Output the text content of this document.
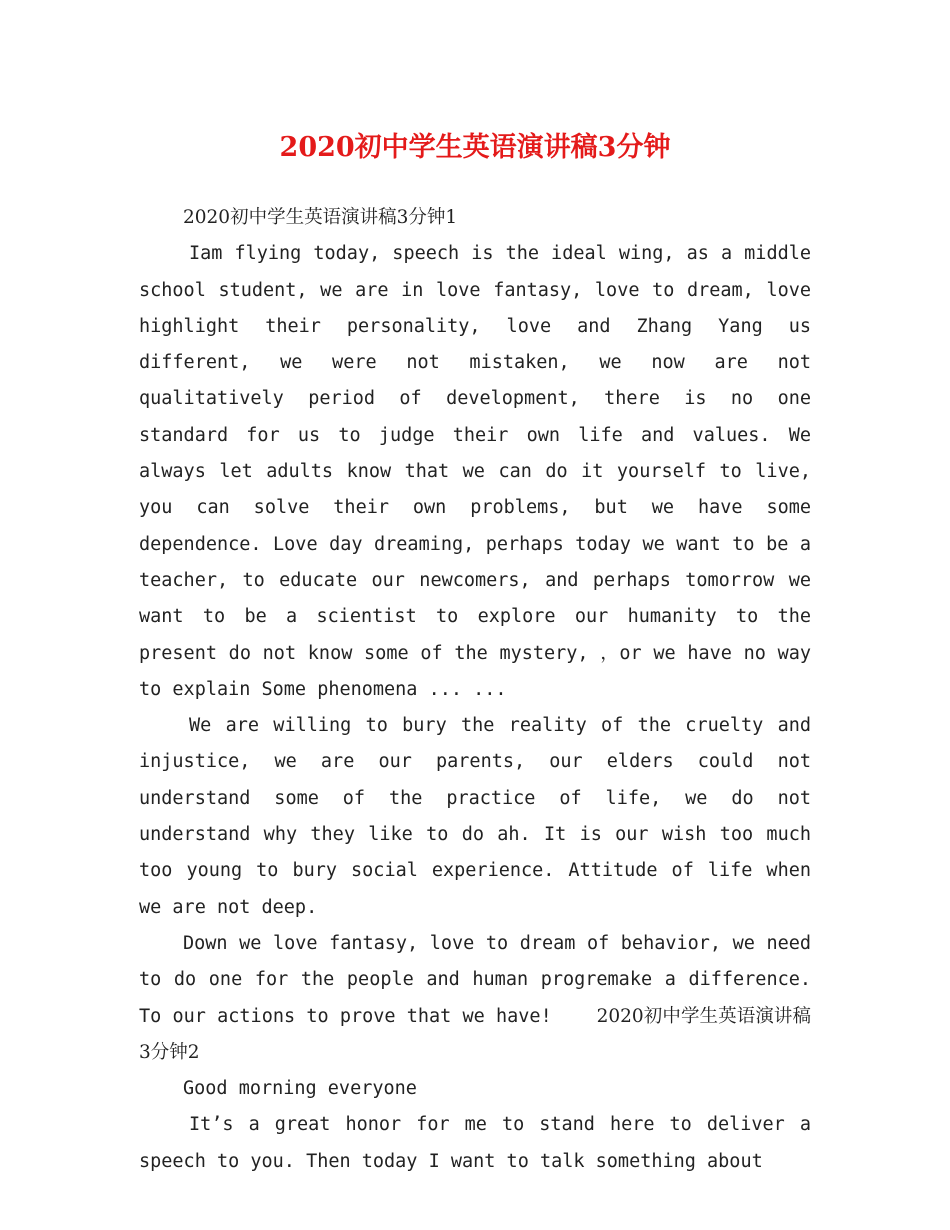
2020初中学生英语演讲稿3分钟

2020初中学生英语演讲稿3分钟1

Iam flying today, speech is the ideal wing, as a middle school student, we are in love fantasy, love to dream, love highlight their personality, love and Zhang Yang us different, we were not mistaken, we now are not qualitatively period of development, there is no one standard for us to judge their own life and values. We always let adults know that we can do it yourself to live, you can solve their own problems, but we have some dependence. Love day dreaming, perhaps today we want to be a teacher, to educate our newcomers, and perhaps tomorrow we want to be a scientist to explore our humanity to the present do not know some of the mystery, ，or we have no way to explain Some phenomena ... ...

We are willing to bury the reality of the cruelty and injustice, we are our parents, our elders could not understand some of the practice of life, we do not understand why they like to do ah. It is our wish too much too young to bury social experience. Attitude of life when we are not deep.

Down we love fantasy, love to dream of behavior, we need to do one for the people and human progremake a difference. To our actions to prove that we have! 2020初中学生英语演讲稿3分钟2

Good morning everyone

It’s a great honor for me to stand here to deliver a speech to you. Then today I want to talk something about
